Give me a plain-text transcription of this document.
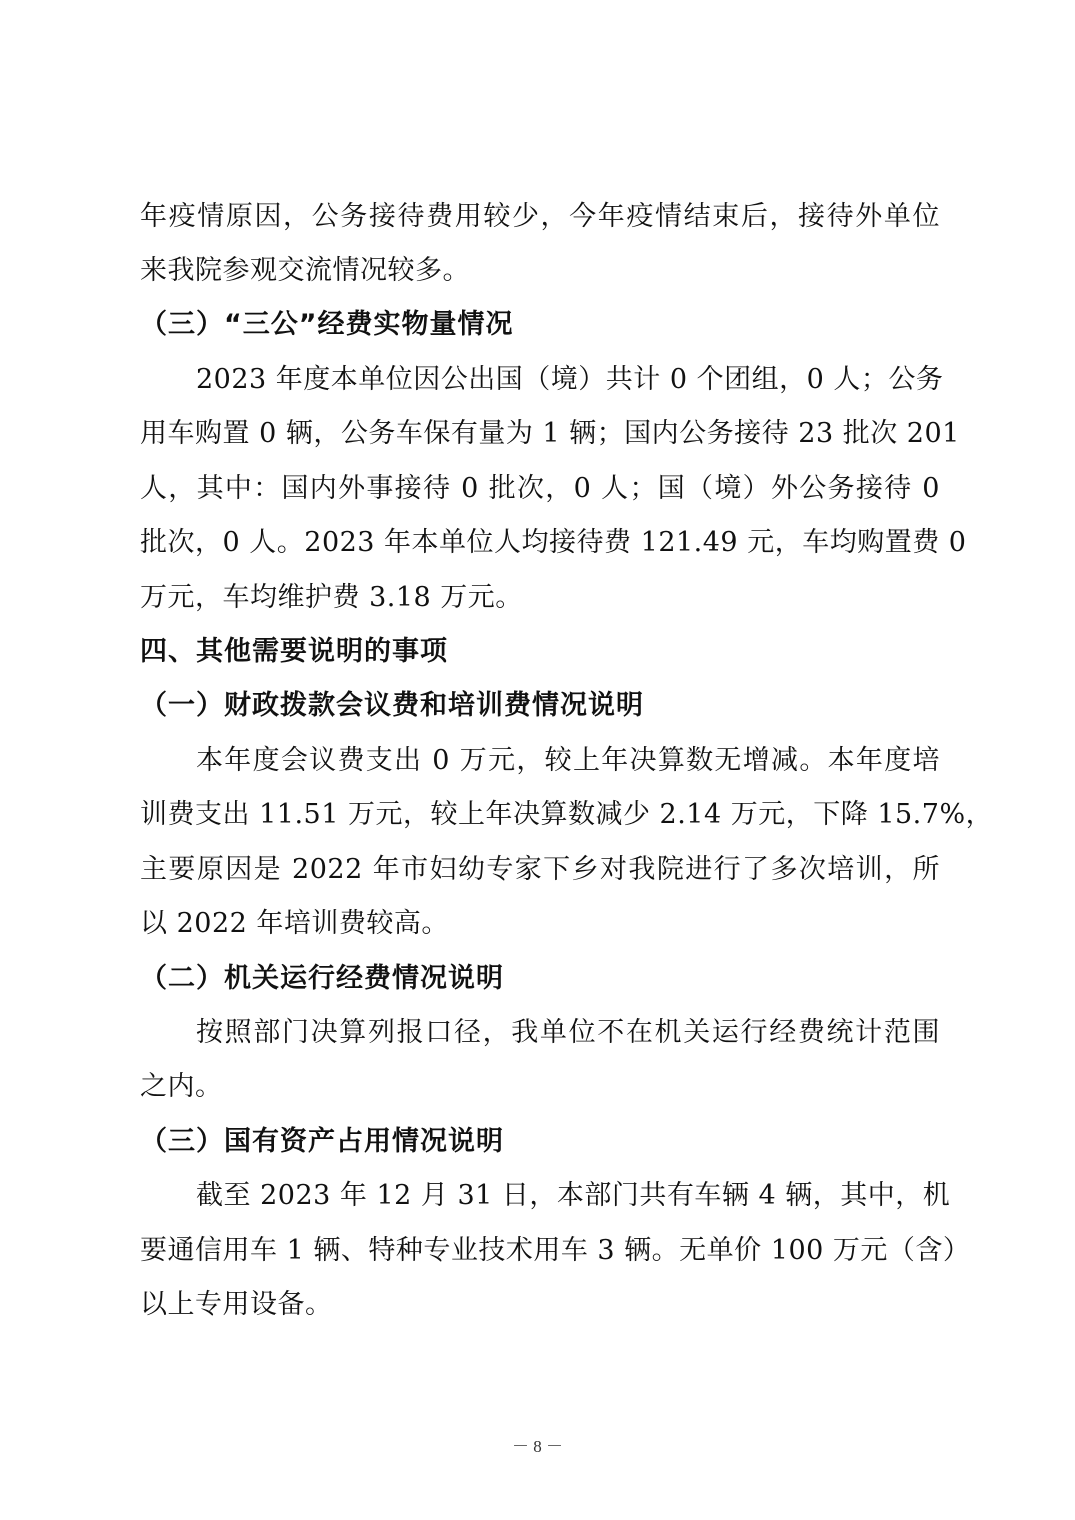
年疫情原因，公务接待费用较少，今年疫情结束后，接待外单位
来我院参观交流情况较多。
（三）“三公”经费实物量情况
2023 年度本单位因公出国（境）共计 0 个团组，0 人；公务
用车购置 0 辆，公务车保有量为 1 辆；国内公务接待 23 批次 201
人，其中：国内外事接待 0 批次，0 人；国（境）外公务接待 0
批次，0 人。2023 年本单位人均接待费 121.49 元，车均购置费 0
万元，车均维护费 3.18 万元。
四、其他需要说明的事项
（一）财政拨款会议费和培训费情况说明
本年度会议费支出 0 万元，较上年决算数无增减。本年度培
训费支出 11.51 万元，较上年决算数减少 2.14 万元，下降 15.7%，
主要原因是 2022 年市妇幼专家下乡对我院进行了多次培训，所
以 2022 年培训费较高。
（二）机关运行经费情况说明
按照部门决算列报口径，我单位不在机关运行经费统计范围
之内。
（三）国有资产占用情况说明
截至 2023 年 12 月 31 日，本部门共有车辆 4 辆，其中，机
要通信用车 1 辆、特种专业技术用车 3 辆。无单价 100 万元（含）
以上专用设备。
－ 8 －
